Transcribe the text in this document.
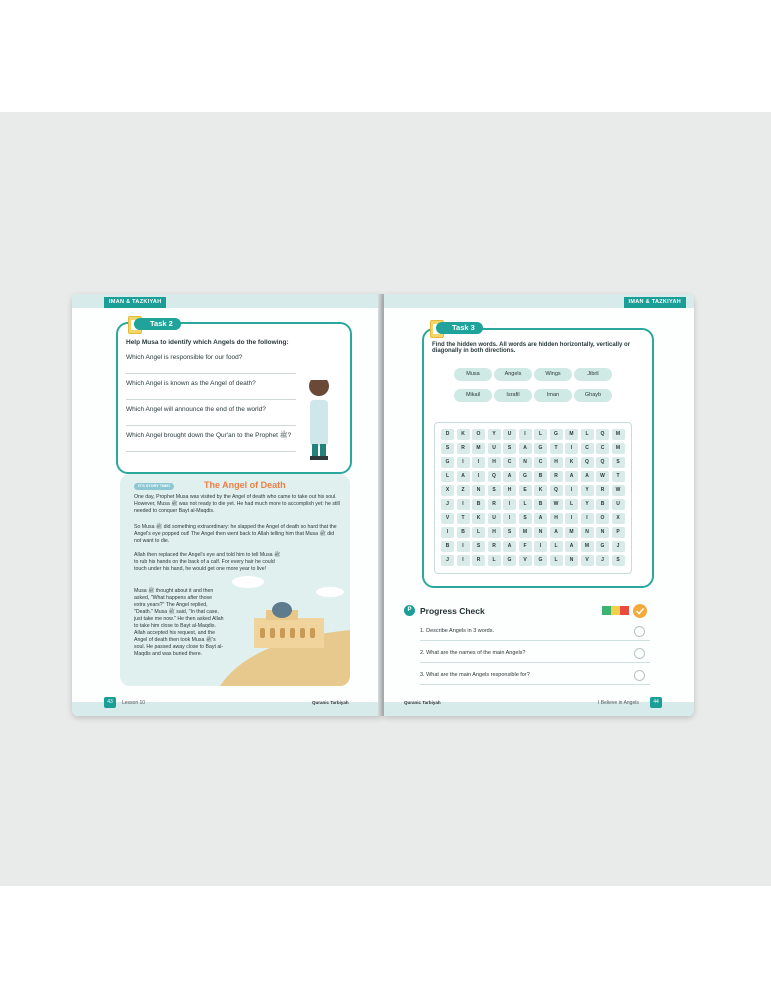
IMAN & TAZKIYAH
Help Musa to identify which Angels do the following:
Which Angel is responsible for our food?
Which Angel is known as the Angel of death?
Which Angel will announce the end of the world?
Which Angel brought down the Qur'an to the Prophet ﷺ?
Task 2
IT'S STORY TIME!	The Angel of Death
One day, Prophet Musa was visited by the Angel of death who came to take out his soul. However, Musa ﷺ was not ready to die yet. He had much more to accomplish yet: he still needed to conquer Bayt al-Maqdis.
So Musa ﷺ did something extraordinary: he slapped the Angel of death so hard that the Angel's eye popped out! The Angel then went back to Allah telling him that Musa ﷺ did not want to die.
Allah then replaced the Angel's eye and told him to tell Musa ﷺ to rub his hands on the back of a calf. For every hair he could touch under his hand, he would get one more year to live!
Musa ﷺ thought about it and then asked, "What happens after those extra years?" The Angel replied, "Death." Musa ﷺ said, "In that case, just take me now." He then asked Allah to take him close to Bayt al-Maqdis. Allah accepted his request, and the Angel of death then took Musa ﷺ's soul. He passed away close to Bayt al-Maqdis and was buried there.
43	Lesson 10	Quranic Tarbiyah
IMAN & TAZKIYAH
Find the hidden words. All words are hidden horizontally, vertically or diagonally in both directions.
Task 3
Musa	Angels	Wings	Jibril
Mikail	Israfil	Iman	Ghayb
D	K	O	Y	U	I	L	G	M	L	Q	M
S	R	M	U	S	A	G	T	I	C	C	M
G	I	I	H	C	N	C	H	K	Q	Q	S
L	A	I	Q	A	G	B	R	A	A	W	T
X	Z	N	S	H	E	K	Q	I	Y	R	W
J	I	B	R	I	L	B	W	L	Y	B	U
V	T	K	U	I	S	A	H	I	I	O	X
I	B	L	H	S	M	N	A	M	N	N	P
B	I	S	R	A	F	I	L	A	M	G	J
J	I	R	L	G	V	G	L	N	V	J	S
P	Progress Check
1. Describe Angels in 3 words.
2. What are the names of the main Angels?
3. What are the main Angels responsible for?
Quranic Tarbiyah	I Believe in Angels	44
